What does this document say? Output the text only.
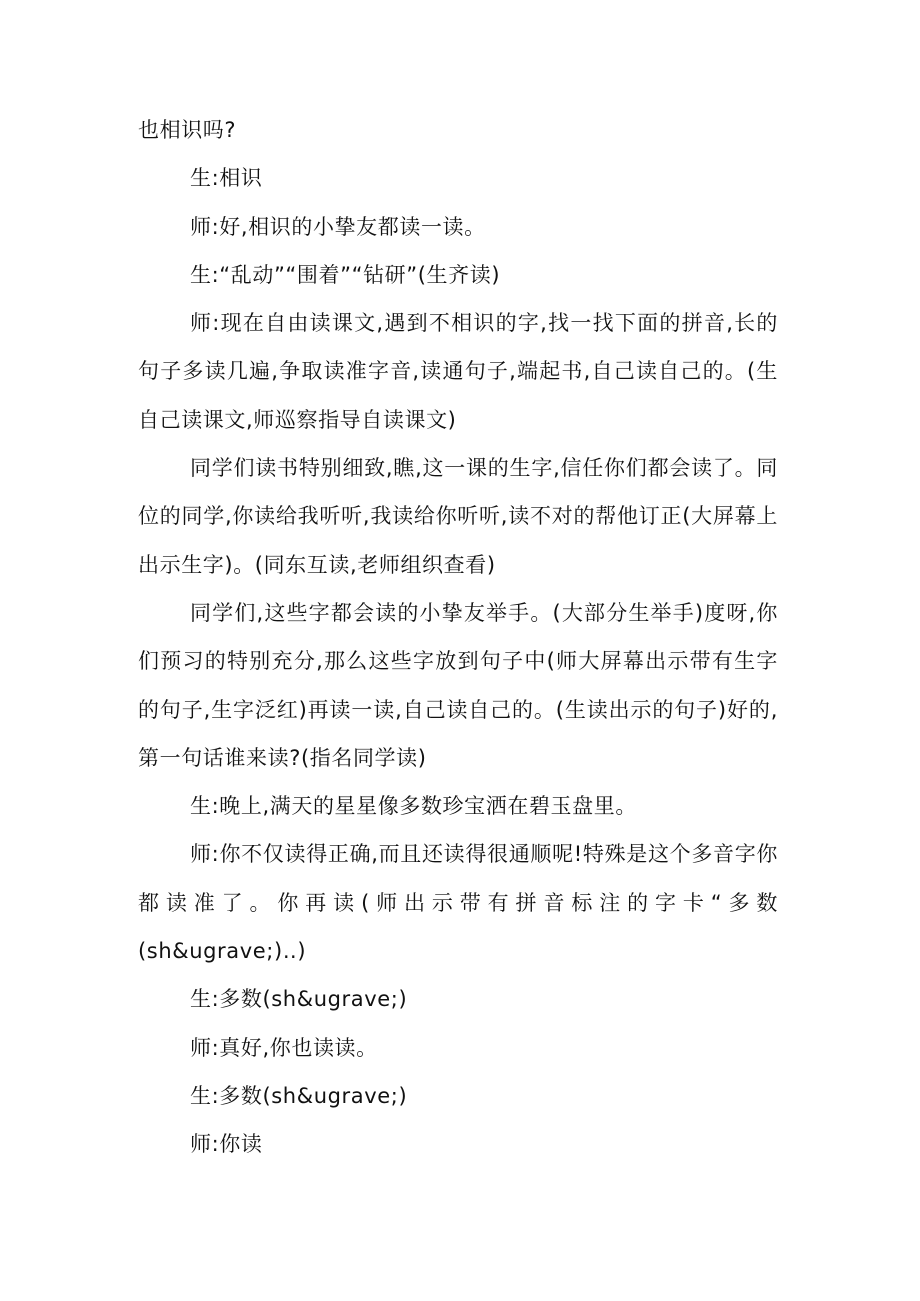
也相识吗?

生:相识

师:好,相识的小挚友都读一读。

生:“乱动”“围着”“钻研”(生齐读)

师:现在自由读课文,遇到不相识的字,找一找下面的拼音,长的句子多读几遍,争取读准字音,读通句子,端起书,自己读自己的。(生自己读课文,师巡察指导自读课文)

同学们读书特别细致,瞧,这一课的生字,信任你们都会读了。同位的同学,你读给我听听,我读给你听听,读不对的帮他订正(大屏幕上出示生字)。(同东互读,老师组织查看)

同学们,这些字都会读的小挚友举手。(大部分生举手)度呀,你们预习的特别充分,那么这些字放到句子中(师大屏幕出示带有生字的句子,生字泛红)再读一读,自己读自己的。(生读出示的句子)好的,第一句话谁来读?(指名同学读)

生:晚上,满天的星星像多数珍宝洒在碧玉盘里。

师:你不仅读得正确,而且还读得很通顺呢!特殊是这个多音字你都读准了。你再读(师出示带有拼音标注的字卡“多数(sh&ugrave;)‥)

生:多数(sh&ugrave;)

师:真好,你也读读。

生:多数(sh&ugrave;)

师:你读
